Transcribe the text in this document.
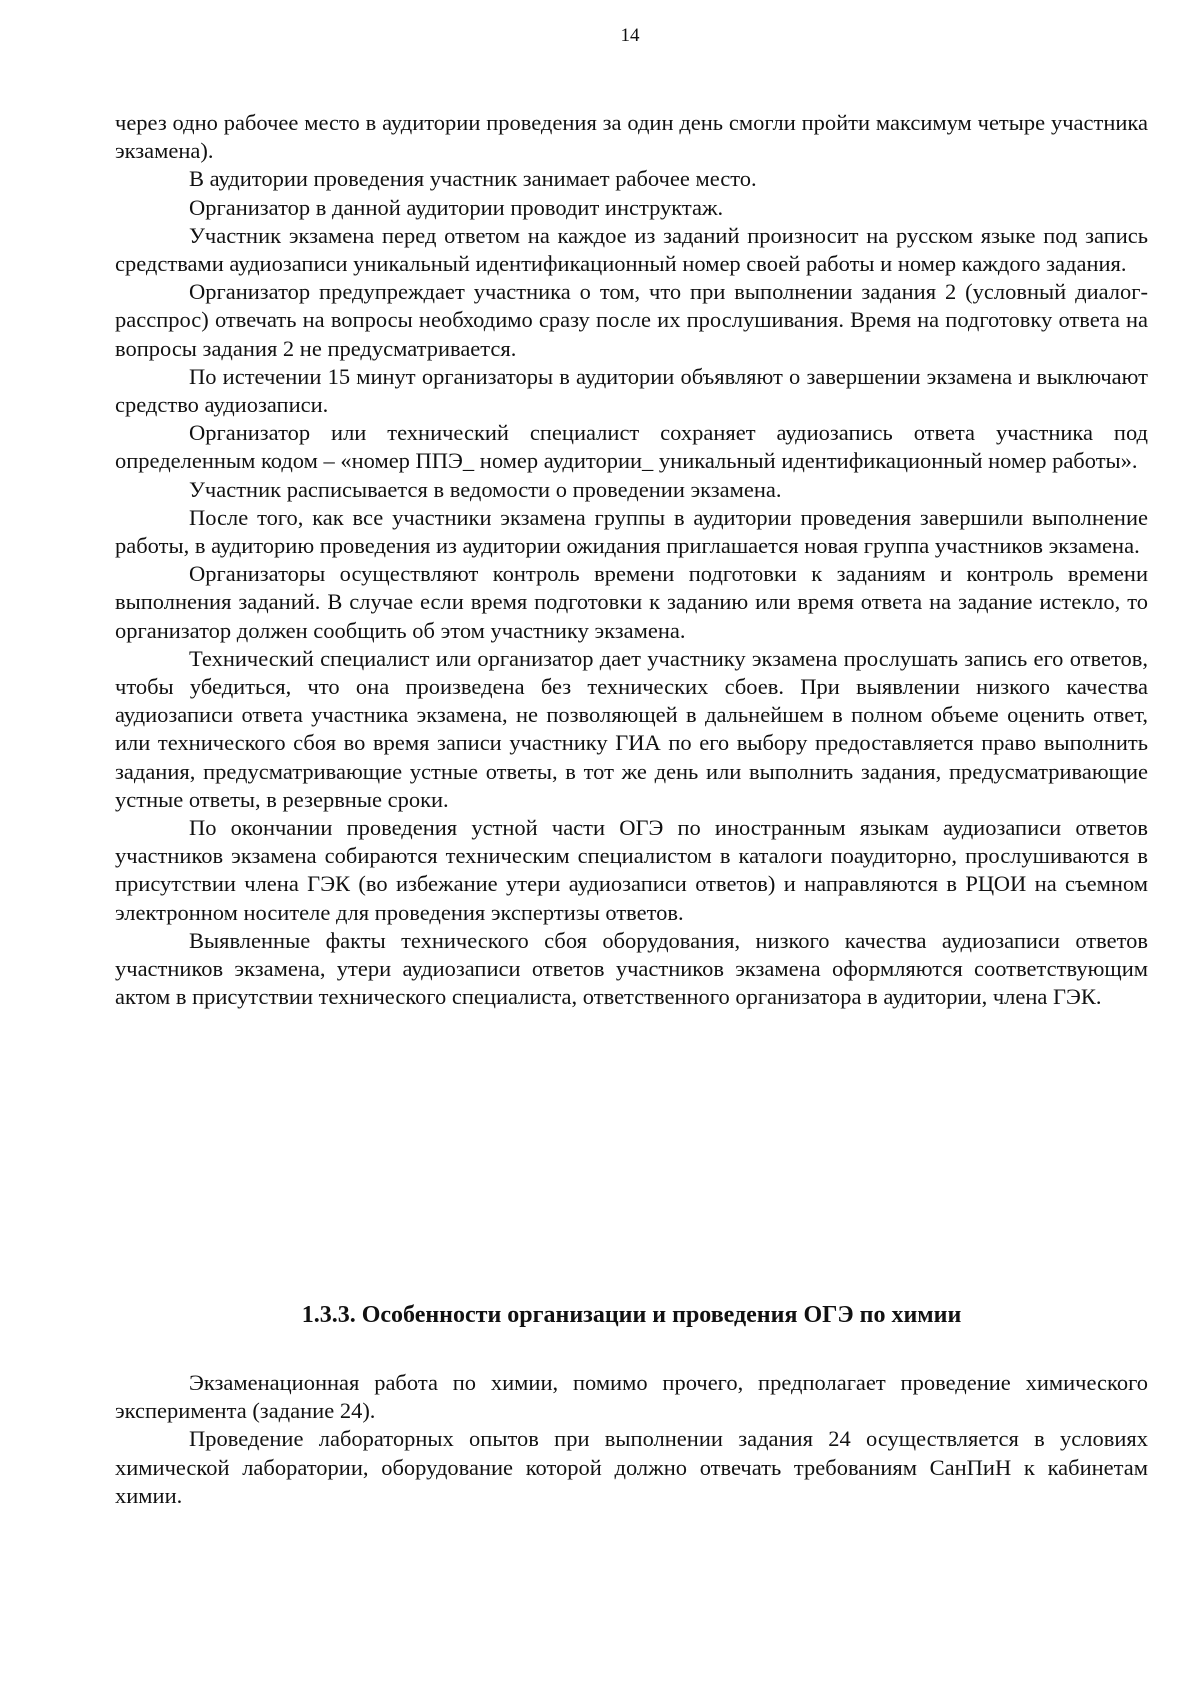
14

через одно рабочее место в аудитории проведения за один день смогли пройти максимум четыре участника экзамена).

В аудитории проведения участник занимает рабочее место.

Организатор в данной аудитории проводит инструктаж.

Участник экзамена перед ответом на каждое из заданий произносит на русском языке под запись средствами аудиозаписи уникальный идентификационный номер своей работы и номер каждого задания.

Организатор предупреждает участника о том, что при выполнении задания 2 (условный диалог-расспрос) отвечать на вопросы необходимо сразу после их прослушивания. Время на подготовку ответа на вопросы задания 2 не предусматривается.

По истечении 15 минут организаторы в аудитории объявляют о завершении экзамена и выключают средство аудиозаписи.

Организатор или технический специалист сохраняет аудиозапись ответа участника под определенным кодом – «номер ППЭ_ номер аудитории_ уникальный идентификационный номер работы».

Участник расписывается в ведомости о проведении экзамена.

После того, как все участники экзамена группы в аудитории проведения завершили выполнение работы, в аудиторию проведения из аудитории ожидания приглашается новая группа участников экзамена.

Организаторы осуществляют контроль времени подготовки к заданиям и контроль времени выполнения заданий. В случае если время подготовки к заданию или время ответа на задание истекло, то организатор должен сообщить об этом участнику экзамена.

Технический специалист или организатор дает участнику экзамена прослушать запись его ответов, чтобы убедиться, что она произведена без технических сбоев. При выявлении низкого качества аудиозаписи ответа участника экзамена, не позволяющей в дальнейшем в полном объеме оценить ответ, или технического сбоя во время записи участнику ГИА по его выбору предоставляется право выполнить задания, предусматривающие устные ответы, в тот же день или выполнить задания, предусматривающие устные ответы, в резервные сроки.

По окончании проведения устной части ОГЭ по иностранным языкам аудиозаписи ответов участников экзамена собираются техническим специалистом в каталоги поаудиторно, прослушиваются в присутствии члена ГЭК (во избежание утери аудиозаписи ответов) и направляются в РЦОИ на съемном электронном носителе для проведения экспертизы ответов.

Выявленные факты технического сбоя оборудования, низкого качества аудиозаписи ответов участников экзамена, утери аудиозаписи ответов участников экзамена оформляются соответствующим актом в присутствии технического специалиста, ответственного организатора в аудитории, члена ГЭК.

1.3.3. Особенности организации и проведения ОГЭ по химии

Экзаменационная работа по химии, помимо прочего, предполагает проведение химического эксперимента (задание 24).

Проведение лабораторных опытов при выполнении задания 24 осуществляется в условиях химической лаборатории, оборудование которой должно отвечать требованиям СанПиН к кабинетам химии.
